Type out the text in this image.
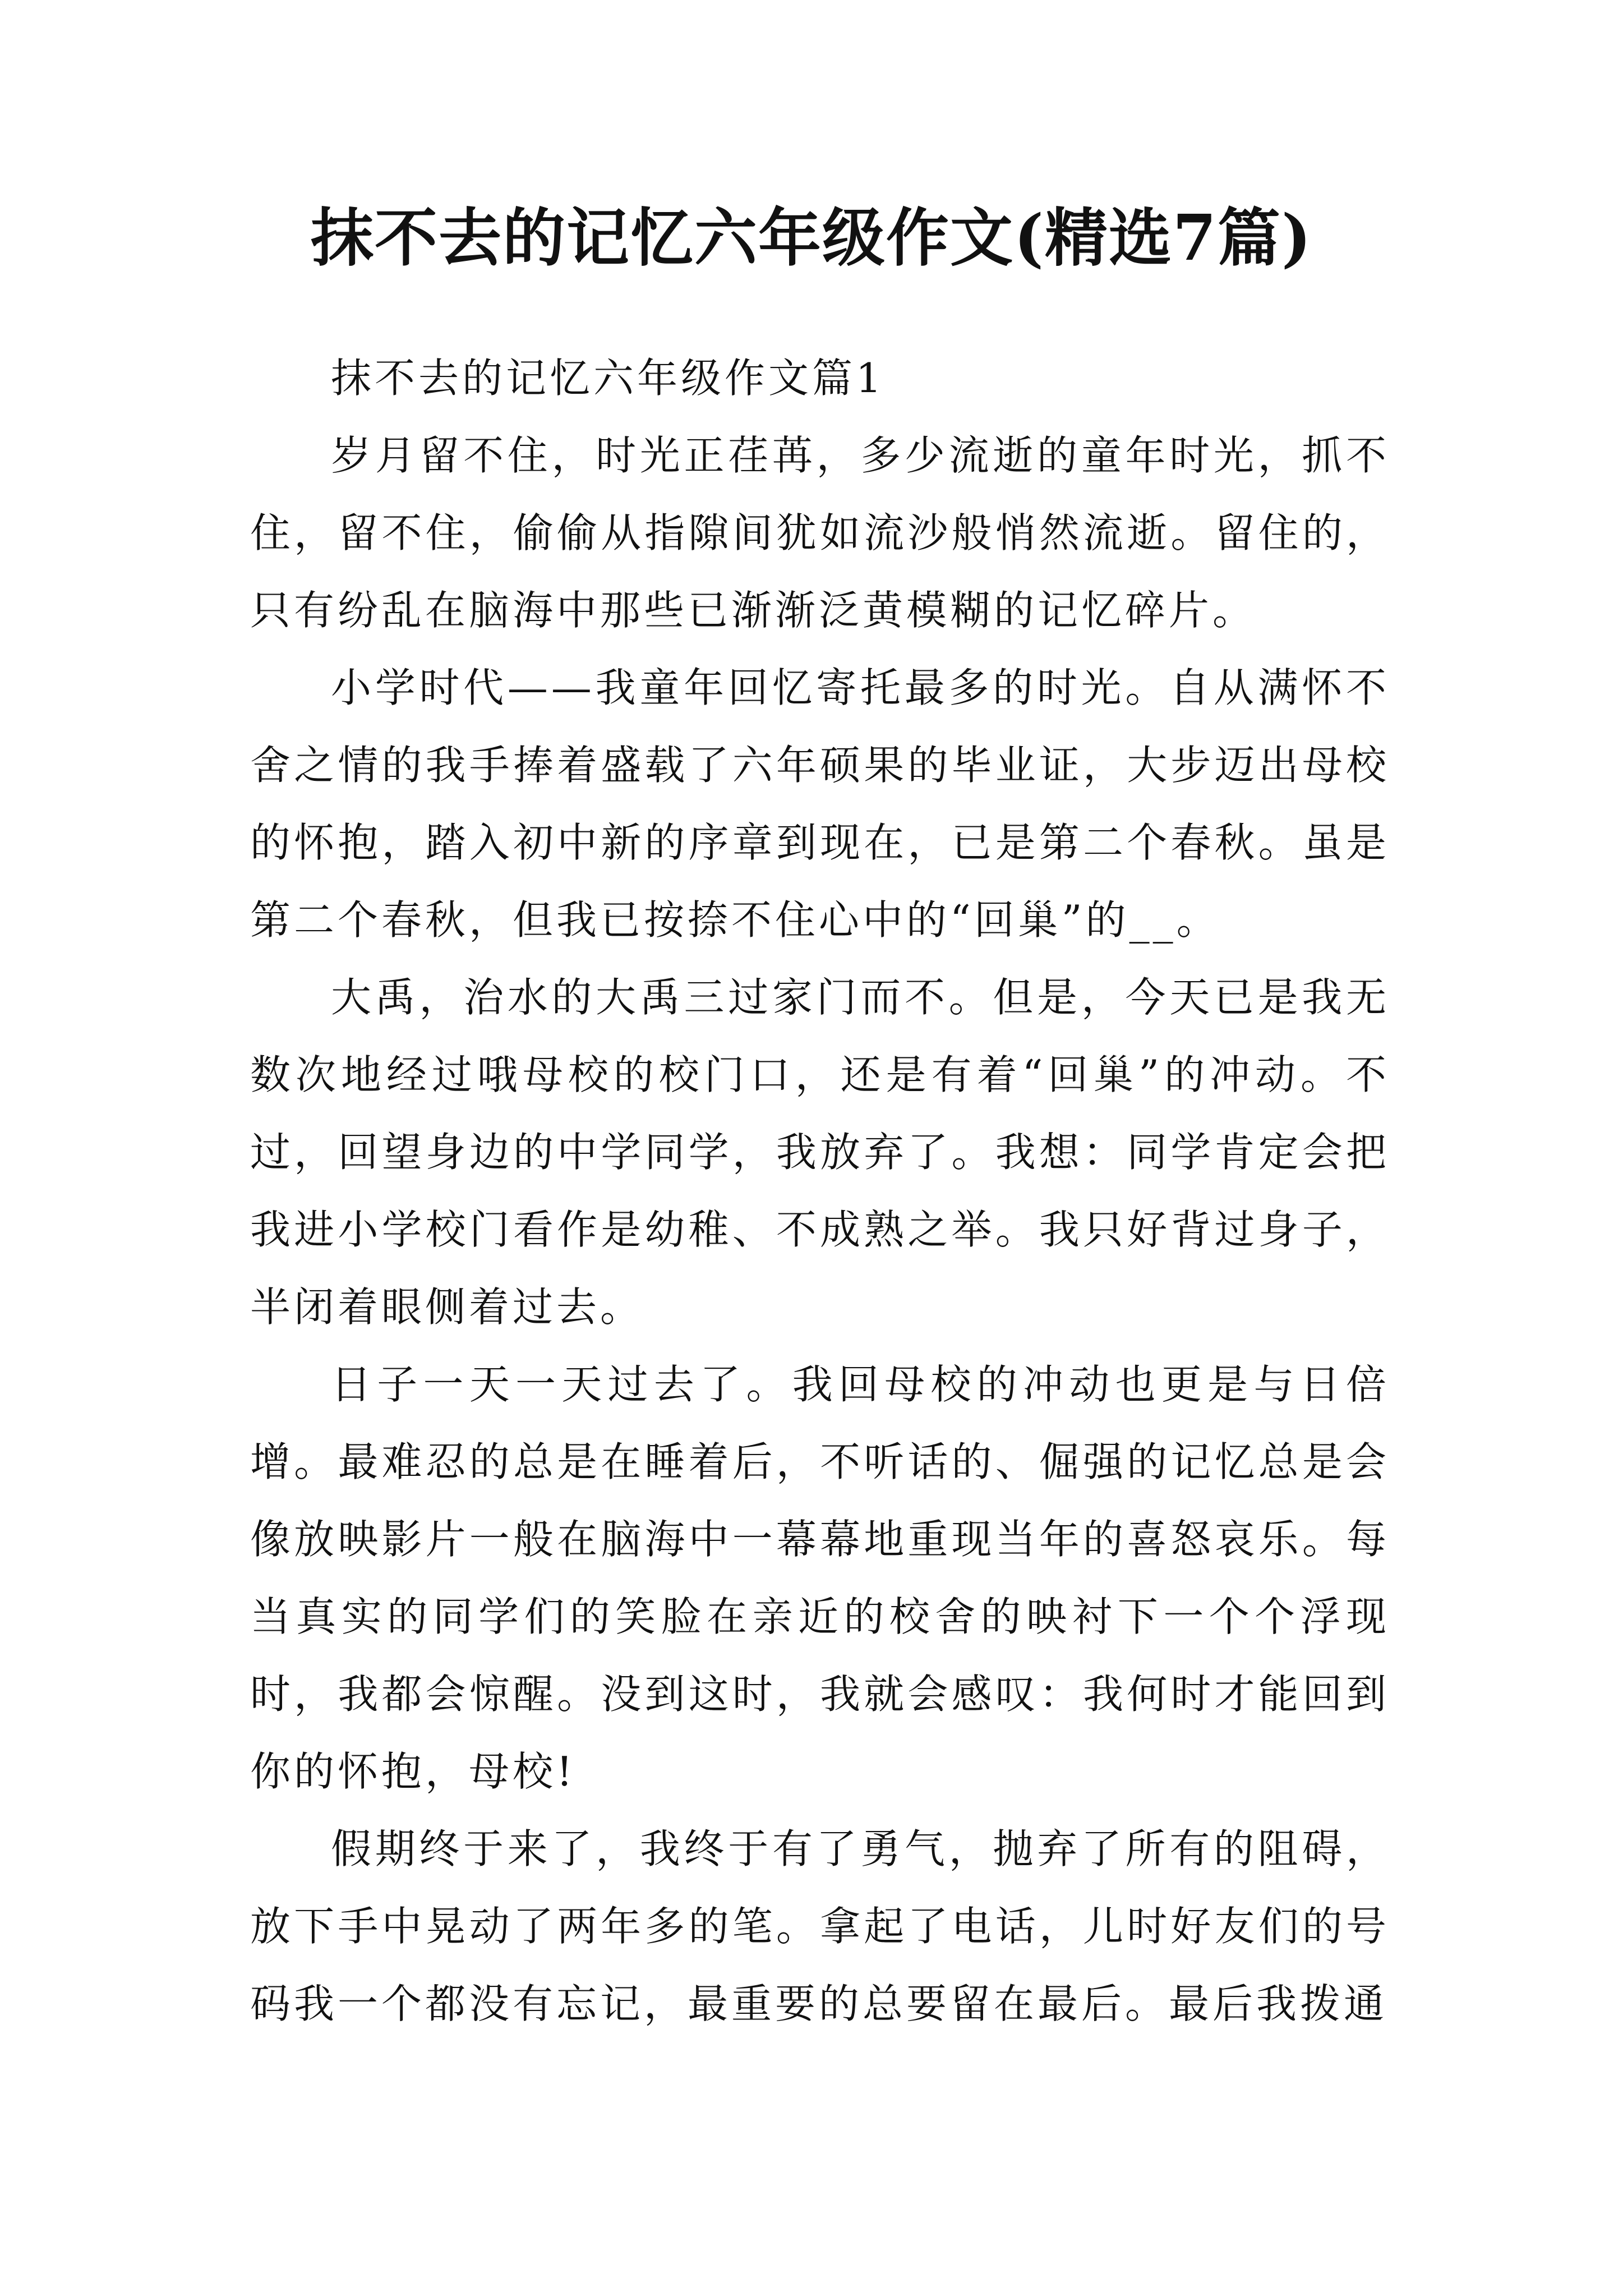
抹不去的记忆六年级作文(精选7篇)

抹不去的记忆六年级作文篇1

岁月留不住，时光正荏苒，多少流逝的童年时光，抓不住，留不住，偷偷从指隙间犹如流沙般悄然流逝。留住的，只有纷乱在脑海中那些已渐渐泛黄模糊的记忆碎片。

小学时代——我童年回忆寄托最多的时光。自从满怀不舍之情的我手捧着盛载了六年硕果的毕业证，大步迈出母校的怀抱，踏入初中新的序章到现在，已是第二个春秋。虽是第二个春秋，但我已按捺不住心中的“回巢”的__。

大禹，治水的大禹三过家门而不。但是，今天已是我无数次地经过哦母校的校门口，还是有着“回巢”的冲动。不过，回望身边的中学同学，我放弃了。我想：同学肯定会把我进小学校门看作是幼稚、不成熟之举。我只好背过身子，半闭着眼侧着过去。

日子一天一天过去了。我回母校的冲动也更是与日倍增。最难忍的总是在睡着后，不听话的、倔强的记忆总是会像放映影片一般在脑海中一幕幕地重现当年的喜怒哀乐。每当真实的同学们的笑脸在亲近的校舍的映衬下一个个浮现时，我都会惊醒。没到这时，我就会感叹：我何时才能回到你的怀抱，母校!

假期终于来了，我终于有了勇气，抛弃了所有的阻碍，放下手中晃动了两年多的笔。拿起了电话，儿时好友们的号码我一个都没有忘记，最重要的总要留在最后。最后我拨通
